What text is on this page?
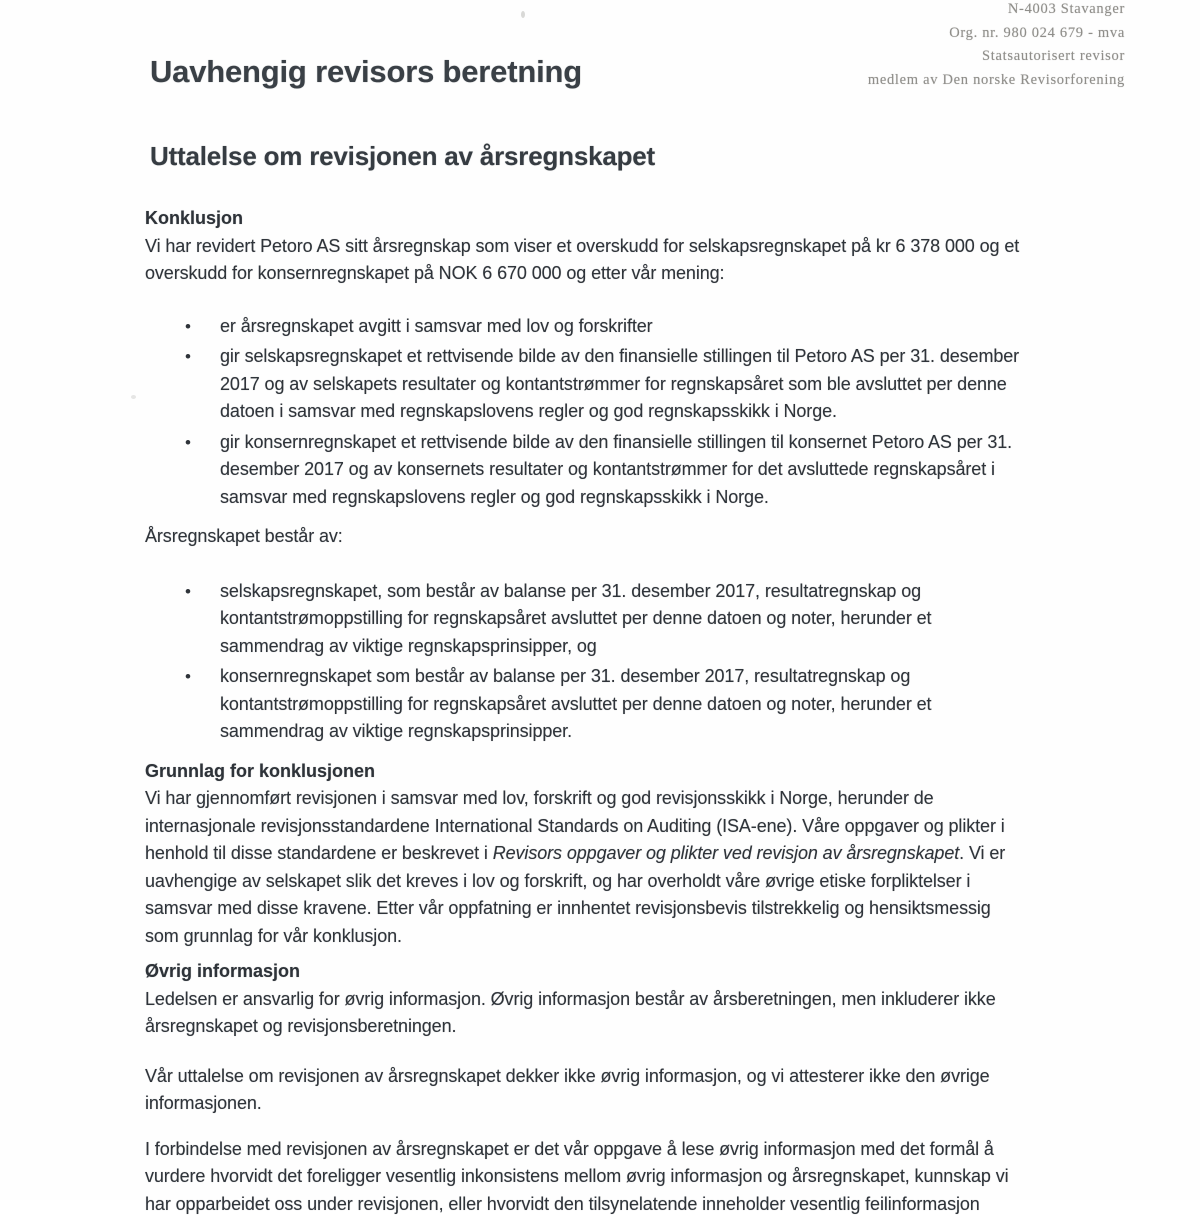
N-4003 Stavanger
Org. nr. 980 024 679 - mva
Statsautorisert revisor
medlem av Den norske Revisorforening
Uavhengig revisors beretning
Uttalelse om revisjonen av årsregnskapet
Konklusjon
Vi har revidert Petoro AS sitt årsregnskap som viser et overskudd for selskapsregnskapet på kr 6 378 000 og et
overskudd for konsernregnskapet på NOK 6 670 000 og etter vår mening:
•	er årsregnskapet avgitt i samsvar med lov og forskrifter
•	gir selskapsregnskapet et rettvisende bilde av den finansielle stillingen til Petoro AS per 31. desember
2017 og av selskapets resultater og kontantstrømmer for regnskapsåret som ble avsluttet per denne
datoen i samsvar med regnskapslovens regler og god regnskapsskikk i Norge.
•	gir konsernregnskapet et rettvisende bilde av den finansielle stillingen til konsernet Petoro AS per 31.
desember 2017 og av konsernets resultater og kontantstrømmer for det avsluttede regnskapsåret i
samsvar med regnskapslovens regler og god regnskapsskikk i Norge.
Årsregnskapet består av:
•	selskapsregnskapet, som består av balanse per 31. desember 2017, resultatregnskap og
kontantstrømoppstilling for regnskapsåret avsluttet per denne datoen og noter, herunder et
sammendrag av viktige regnskapsprinsipper, og
•	konsernregnskapet som består av balanse per 31. desember 2017, resultatregnskap og
kontantstrømoppstilling for regnskapsåret avsluttet per denne datoen og noter, herunder et
sammendrag av viktige regnskapsprinsipper.
Grunnlag for konklusjonen
Vi har gjennomført revisjonen i samsvar med lov, forskrift og god revisjonsskikk i Norge, herunder de
internasjonale revisjonsstandardene International Standards on Auditing (ISA-ene). Våre oppgaver og plikter i
henhold til disse standardene er beskrevet i Revisors oppgaver og plikter ved revisjon av årsregnskapet. Vi er
uavhengige av selskapet slik det kreves i lov og forskrift, og har overholdt våre øvrige etiske forpliktelser i
samsvar med disse kravene. Etter vår oppfatning er innhentet revisjonsbevis tilstrekkelig og hensiktsmessig
som grunnlag for vår konklusjon.
Øvrig informasjon
Ledelsen er ansvarlig for øvrig informasjon. Øvrig informasjon består av årsberetningen, men inkluderer ikke
årsregnskapet og revisjonsberetningen.
Vår uttalelse om revisjonen av årsregnskapet dekker ikke øvrig informasjon, og vi attesterer ikke den øvrige
informasjonen.
I forbindelse med revisjonen av årsregnskapet er det vår oppgave å lese øvrig informasjon med det formål å
vurdere hvorvidt det foreligger vesentlig inkonsistens mellom øvrig informasjon og årsregnskapet, kunnskap vi
har opparbeidet oss under revisjonen, eller hvorvidt den tilsynelatende inneholder vesentlig feilinformasjon
